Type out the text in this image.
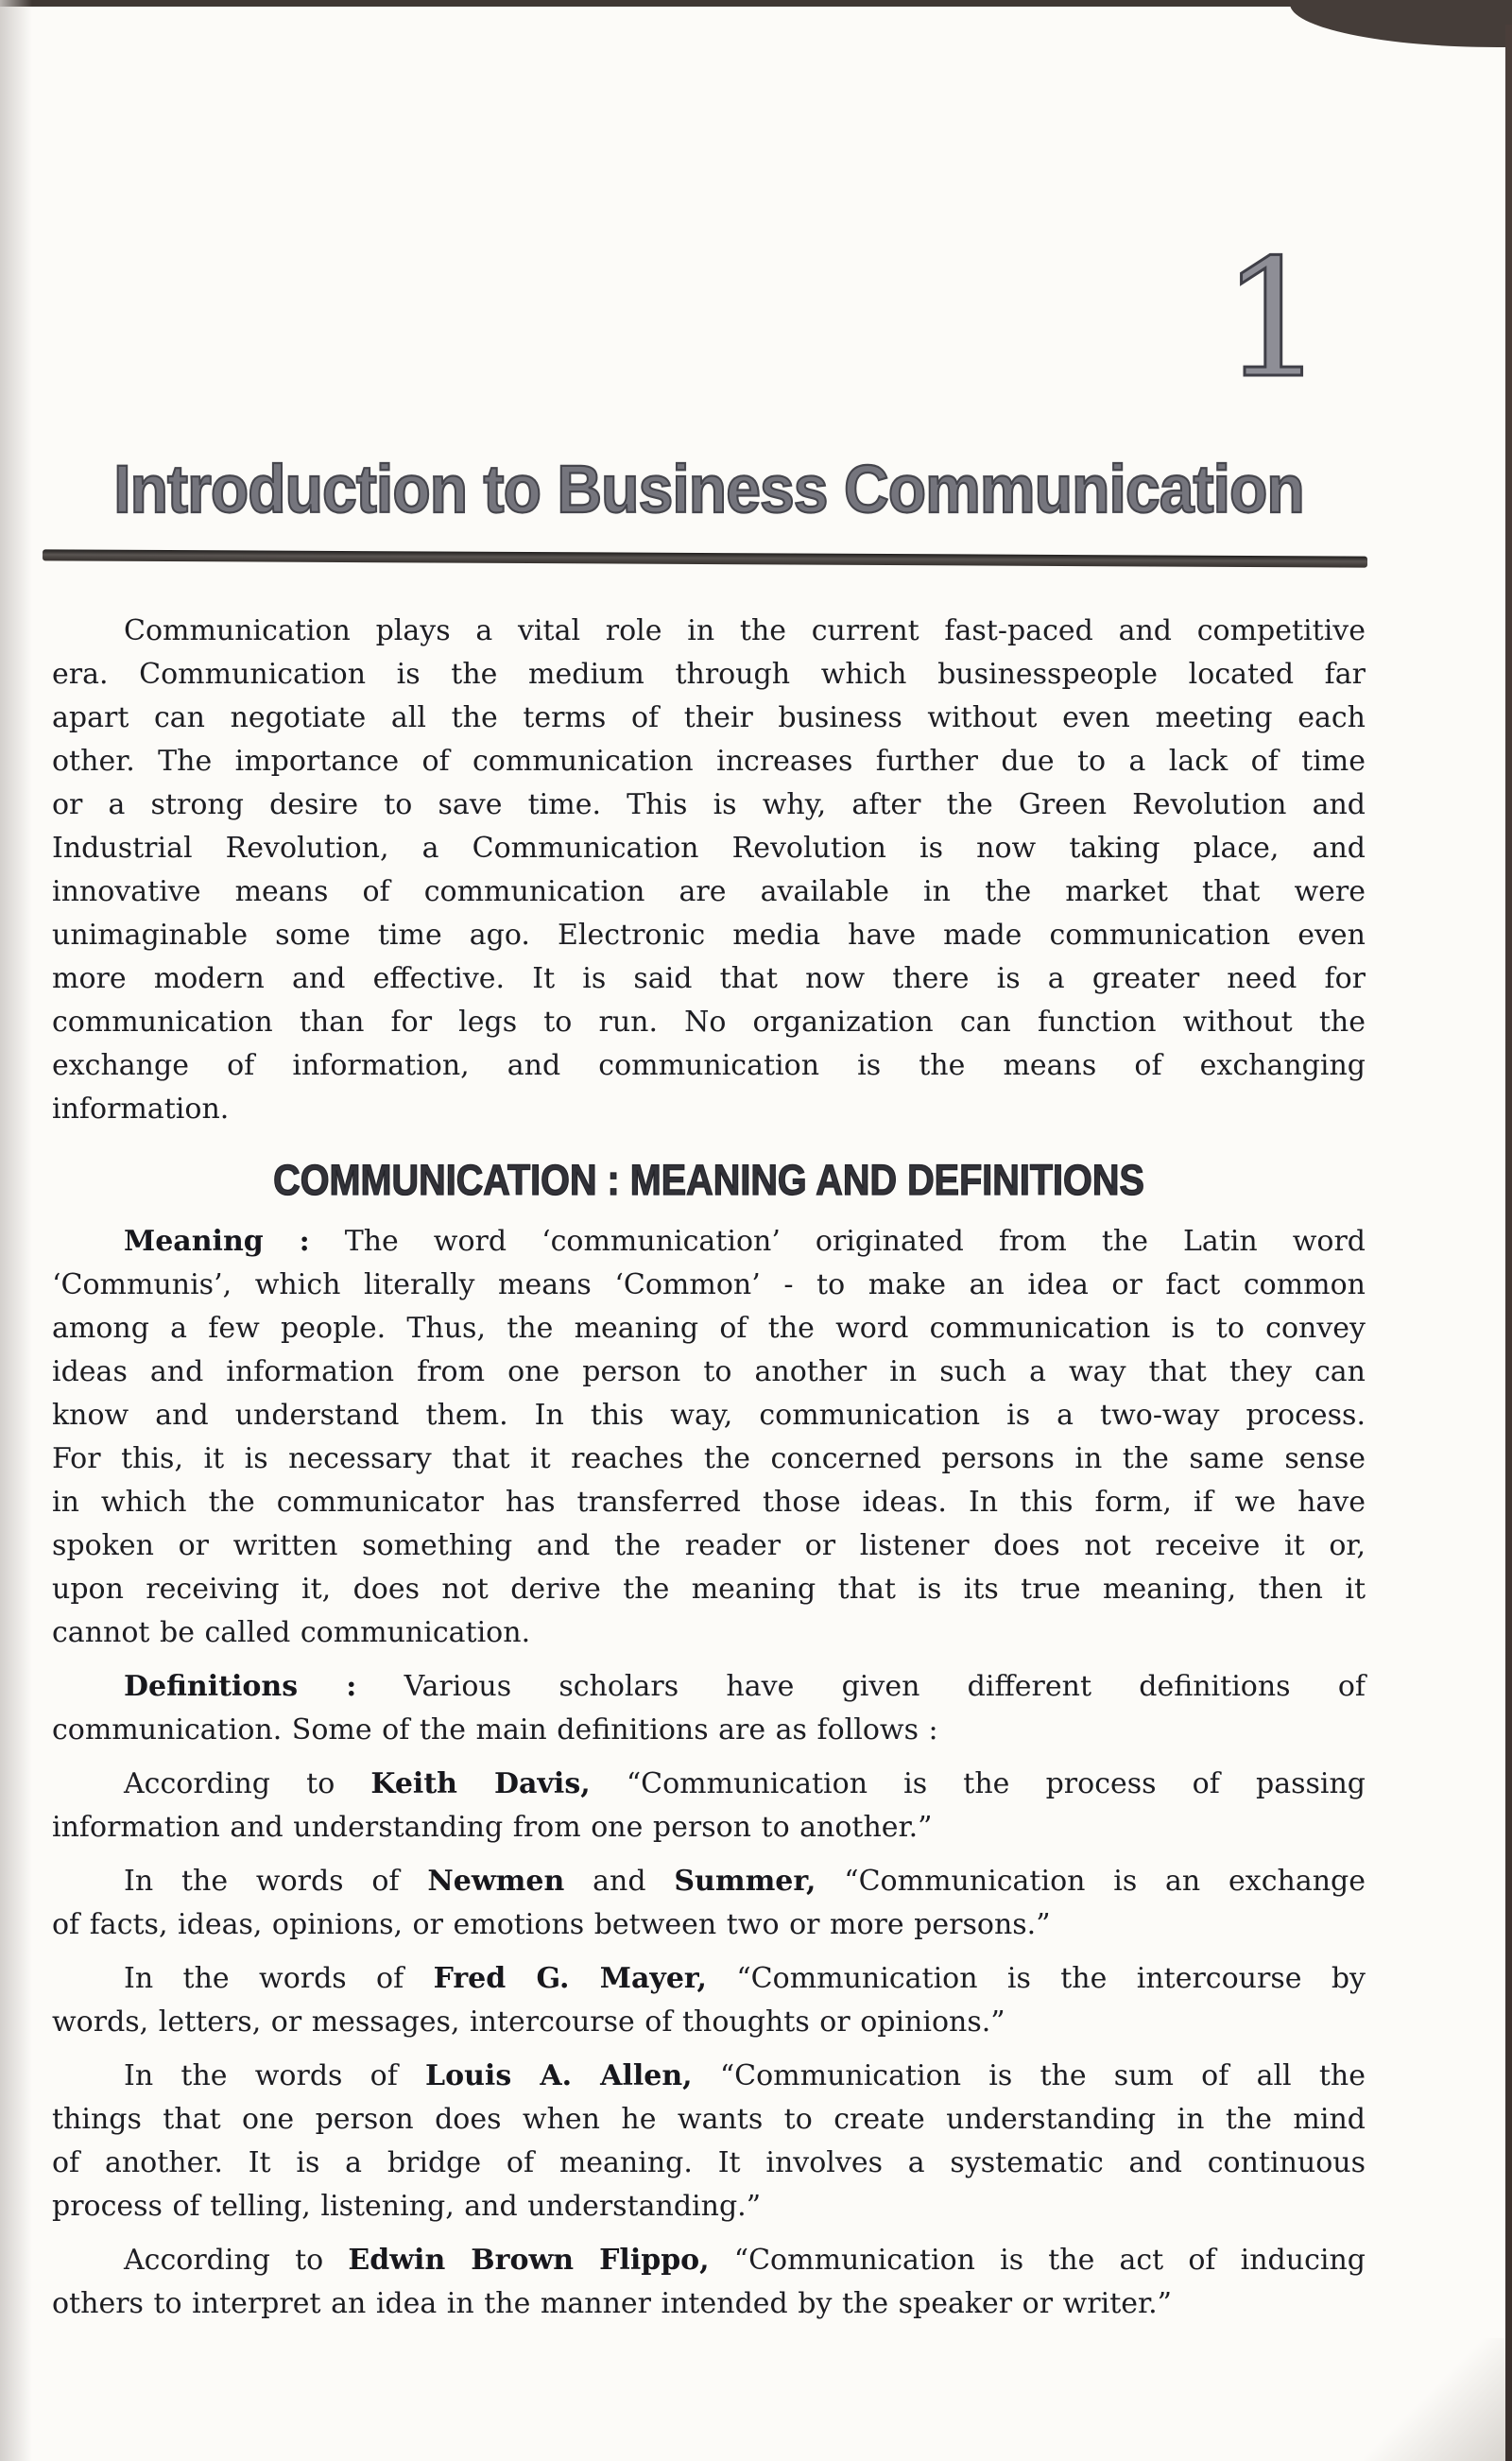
1
Introduction to Business Communication
Communication plays a vital role in the current fast-paced and competitive
era. Communication is the medium through which businesspeople located far
apart can negotiate all the terms of their business without even meeting each
other. The importance of communication increases further due to a lack of time
or a strong desire to save time. This is why, after the Green Revolution and
Industrial Revolution, a Communication Revolution is now taking place, and
innovative means of communication are available in the market that were
unimaginable some time ago. Electronic media have made communication even
more modern and effective. It is said that now there is a greater need for
communication than for legs to run. No organization can function without the
exchange of information, and communication is the means of exchanging
information.
COMMUNICATION : MEANING AND DEFINITIONS
Meaning : The word ‘communication’ originated from the Latin word
‘Communis’, which literally means ‘Common’ - to make an idea or fact common
among a few people. Thus, the meaning of the word communication is to convey
ideas and information from one person to another in such a way that they can
know and understand them. In this way, communication is a two-way process.
For this, it is necessary that it reaches the concerned persons in the same sense
in which the communicator has transferred those ideas. In this form, if we have
spoken or written something and the reader or listener does not receive it or,
upon receiving it, does not derive the meaning that is its true meaning, then it
cannot be called communication.
Definitions : Various scholars have given different definitions of
communication. Some of the main definitions are as follows :
According to Keith Davis, “Communication is the process of passing
information and understanding from one person to another.”
In the words of Newmen and Summer, “Communication is an exchange
of facts, ideas, opinions, or emotions between two or more persons.”
In the words of Fred G. Mayer, “Communication is the intercourse by
words, letters, or messages, intercourse of thoughts or opinions.”
In the words of Louis A. Allen, “Communication is the sum of all the
things that one person does when he wants to create understanding in the mind
of another. It is a bridge of meaning. It involves a systematic and continuous
process of telling, listening, and understanding.”
According to Edwin Brown Flippo, “Communication is the act of inducing
others to interpret an idea in the manner intended by the speaker or writer.”
